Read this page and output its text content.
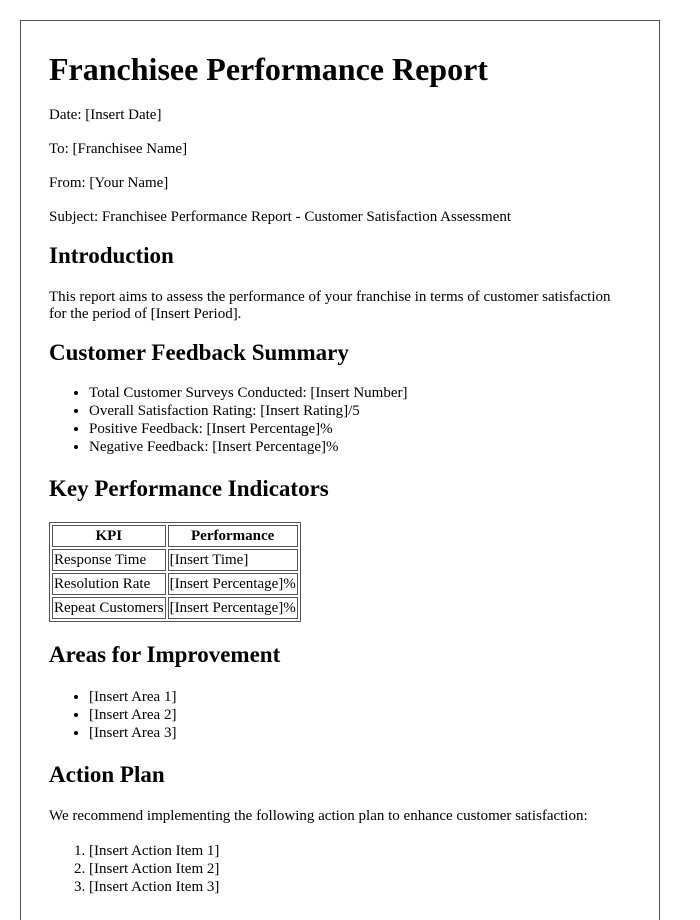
Franchisee Performance Report

Date: [Insert Date]

To: [Franchisee Name]

From: [Your Name]

Subject: Franchisee Performance Report - Customer Satisfaction Assessment

Introduction

This report aims to assess the performance of your franchise in terms of customer satisfaction for the period of [Insert Period].

Customer Feedback Summary
• Total Customer Surveys Conducted: [Insert Number]
• Overall Satisfaction Rating: [Insert Rating]/5
• Positive Feedback: [Insert Percentage]%
• Negative Feedback: [Insert Percentage]%
Key Performance Indicators
KPI	Performance
Response Time	[Insert Time]
Resolution Rate	[Insert Percentage]%
Repeat Customers	[Insert Percentage]%
Areas for Improvement
• [Insert Area 1]
• [Insert Area 2]
• [Insert Area 3]
Action Plan

We recommend implementing the following action plan to enhance customer satisfaction:

1. [Insert Action Item 1]
2. [Insert Action Item 2]
3. [Insert Action Item 3]
